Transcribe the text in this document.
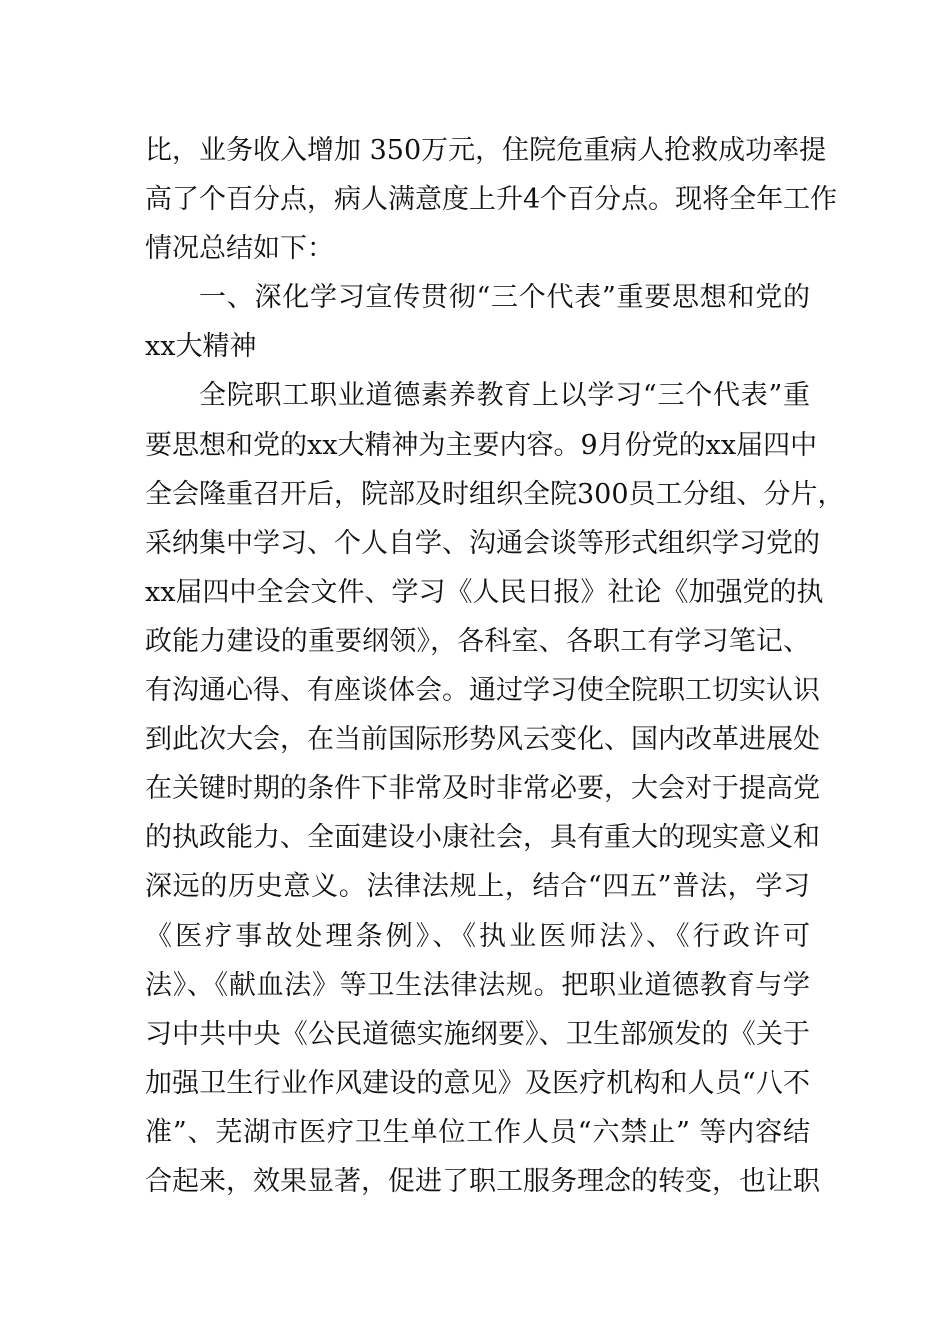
比，业务收入增加 350万元，住院危重病人抢救成功率提
高了个百分点，病人满意度上升4个百分点。现将全年工作
情况总结如下：
一、深化学习宣传贯彻“三个代表”重要思想和党的
xx大精神
全院职工职业道德素养教育上以学习“三个代表”重
要思想和党的xx大精神为主要内容。9月份党的xx届四中
全会隆重召开后，院部及时组织全院300员工分组、分片，
采纳集中学习、个人自学、沟通会谈等形式组织学习党的
xx届四中全会文件、学习《人民日报》社论《加强党的执
政能力建设的重要纲领》，各科室、各职工有学习笔记、
有沟通心得、有座谈体会。通过学习使全院职工切实认识
到此次大会，在当前国际形势风云变化、国内改革进展处
在关键时期的条件下非常及时非常必要，大会对于提高党
的执政能力、全面建设小康社会，具有重大的现实意义和
深远的历史意义。法律法规上，结合“四五”普法，学习
《医疗事故处理条例》、《执业医师法》、《行政许可
法》、《献血法》等卫生法律法规。把职业道德教育与学
习中共中央《公民道德实施纲要》、卫生部颁发的《关于
加强卫生行业作风建设的意见》及医疗机构和人员“八不
准”、芜湖市医疗卫生单位工作人员“六禁止” 等内容结
合起来，效果显著，促进了职工服务理念的转变，也让职
